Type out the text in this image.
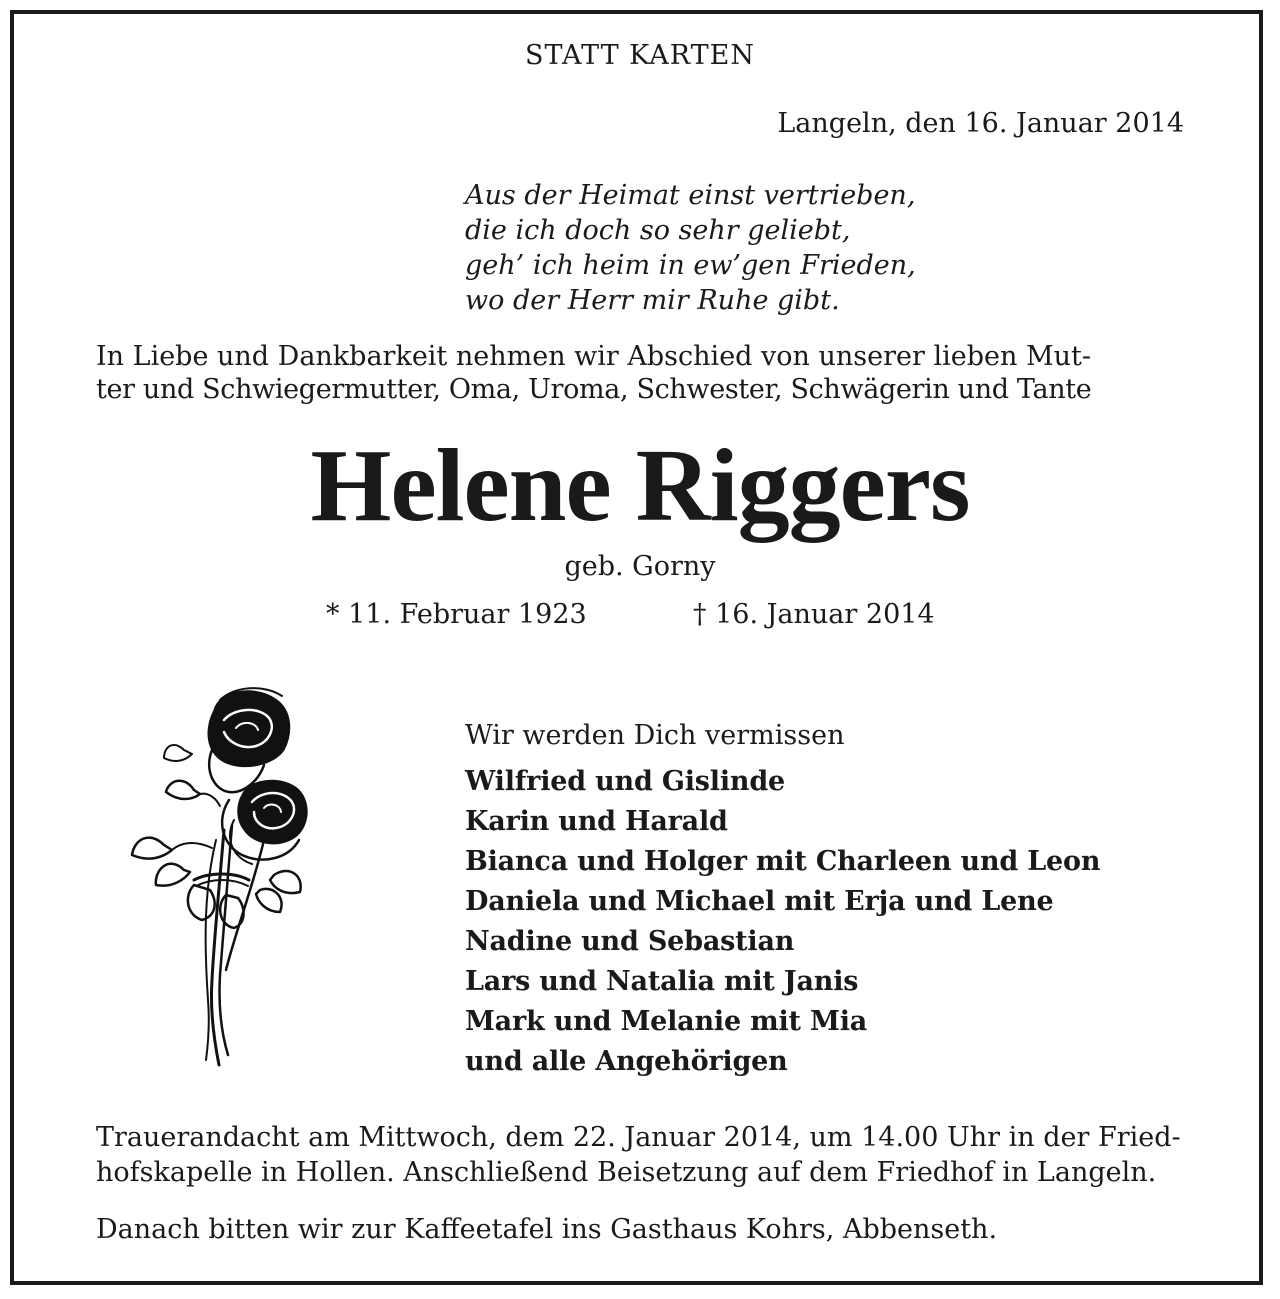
STATT KARTEN
Langeln, den 16. Januar 2014
Aus der Heimat einst vertrieben,
die ich doch so sehr geliebt,
geh’ ich heim in ew’gen Frieden,
wo der Herr mir Ruhe gibt.
In Liebe und Dankbarkeit nehmen wir Abschied von unserer lieben Mut-
ter und Schwiegermutter, Oma, Uroma, Schwester, Schwägerin und Tante
Helene Riggers
geb. Gorny
* 11. Februar 1923	† 16. Januar 2014
Wir werden Dich vermissen
Wilfried und Gislinde
Karin und Harald
Bianca und Holger mit Charleen und Leon
Daniela und Michael mit Erja und Lene
Nadine und Sebastian
Lars und Natalia mit Janis
Mark und Melanie mit Mia
und alle Angehörigen
Trauerandacht am Mittwoch, dem 22. Januar 2014, um 14.00 Uhr in der Fried-
hofskapelle in Hollen. Anschließend Beisetzung auf dem Friedhof in Langeln.
Danach bitten wir zur Kaffeetafel ins Gasthaus Kohrs, Abbenseth.
